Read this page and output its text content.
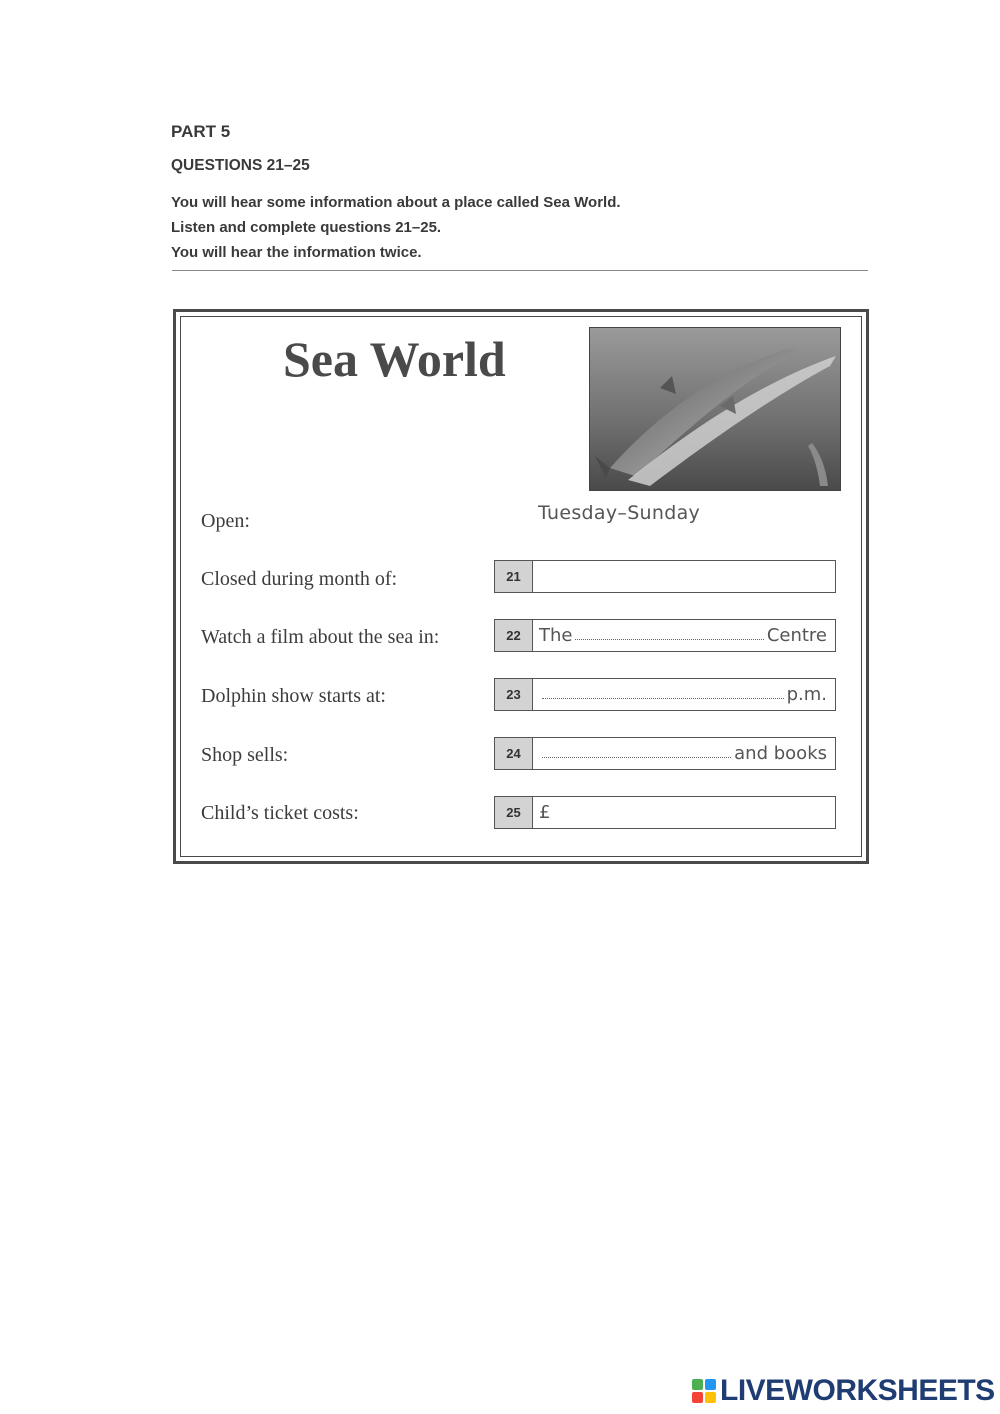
PART 5
QUESTIONS 21–25
You will hear some information about a place called Sea World.
Listen and complete questions 21–25.
You will hear the information twice.
Sea World
Open:	Tuesday–Sunday
Closed during month of:	21
Watch a film about the sea in:	22	The	Centre
Dolphin show starts at:	23	p.m.
Shop sells:	24	and books
Child’s ticket costs:	25	£
LIVEWORKSHEETS
